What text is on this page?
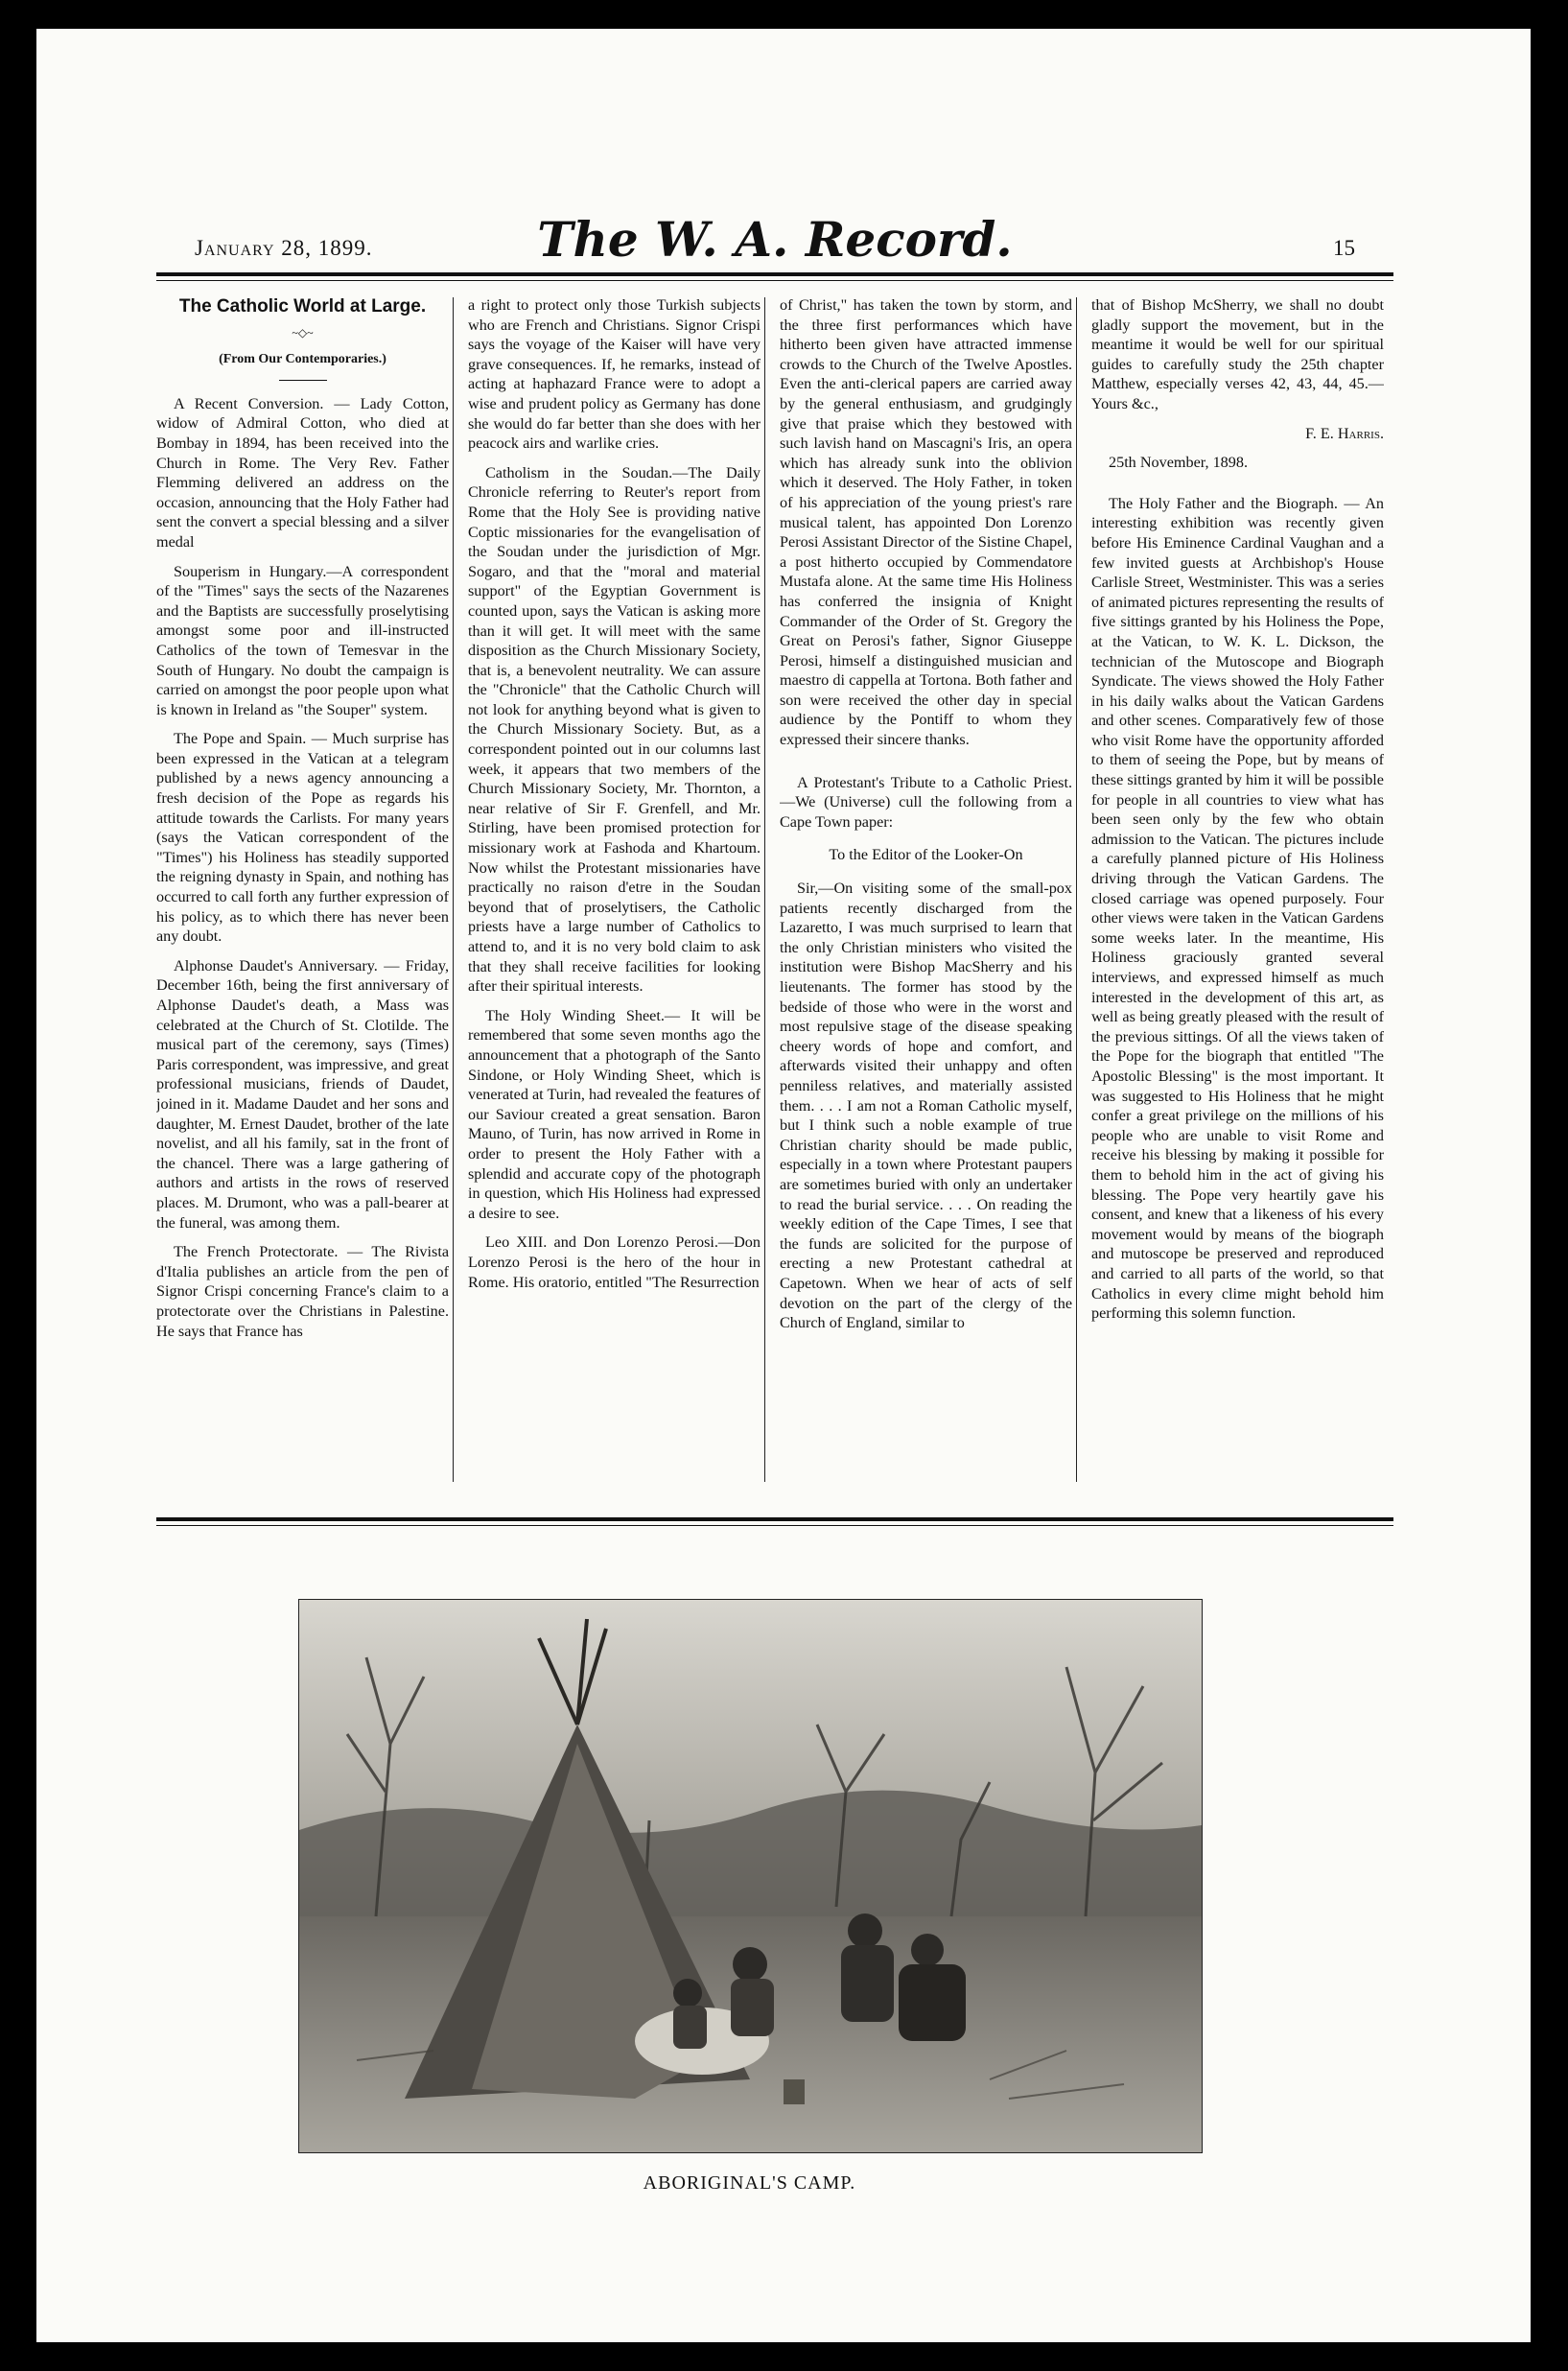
January 28, 1899.	The W. A. Record.	15
The Catholic World at Large.
~◇~
(From Our Contemporaries.)

A Recent Conversion. — Lady Cotton, widow of Admiral Cotton, who died at Bombay in 1894, has been received into the Church in Rome. The Very Rev. Father Flemming delivered an address on the occasion, announcing that the Holy Father had sent the convert a special blessing and a silver medal

Souperism in Hungary.—A correspondent of the "Times" says the sects of the Nazarenes and the Baptists are successfully proselytising amongst some poor and ill-instructed Catholics of the town of Temesvar in the South of Hungary. No doubt the campaign is carried on amongst the poor people upon what is known in Ireland as "the Souper" system.

The Pope and Spain. — Much surprise has been expressed in the Vatican at a telegram published by a news agency announcing a fresh decision of the Pope as regards his attitude towards the Carlists. For many years (says the Vatican correspondent of the "Times") his Holiness has steadily supported the reigning dynasty in Spain, and nothing has occurred to call forth any further expression of his policy, as to which there has never been any doubt.

Alphonse Daudet's Anniversary. — Friday, December 16th, being the first anniversary of Alphonse Daudet's death, a Mass was celebrated at the Church of St. Clotilde. The musical part of the ceremony, says (Times) Paris correspondent, was impressive, and great professional musicians, friends of Daudet, joined in it. Madame Daudet and her sons and daughter, M. Ernest Daudet, brother of the late novelist, and all his family, sat in the front of the chancel. There was a large gathering of authors and artists in the rows of reserved places. M. Drumont, who was a pall-bearer at the funeral, was among them.

The French Protectorate. — The Rivista d'Italia publishes an article from the pen of Signor Crispi concerning France's claim to a protectorate over the Christians in Palestine. He says that France has

a right to protect only those Turkish subjects who are French and Christians. Signor Crispi says the voyage of the Kaiser will have very grave consequences. If, he remarks, instead of acting at haphazard France were to adopt a wise and prudent policy as Germany has done she would do far better than she does with her peacock airs and warlike cries.

Catholism in the Soudan.—The Daily Chronicle referring to Reuter's report from Rome that the Holy See is providing native Coptic missionaries for the evangelisation of the Soudan under the jurisdiction of Mgr. Sogaro, and that the "moral and material support" of the Egyptian Government is counted upon, says the Vatican is asking more than it will get. It will meet with the same disposition as the Church Missionary Society, that is, a benevolent neutrality. We can assure the "Chronicle" that the Catholic Church will not look for anything beyond what is given to the Church Missionary Society. But, as a correspondent pointed out in our columns last week, it appears that two members of the Church Missionary Society, Mr. Thornton, a near relative of Sir F. Grenfell, and Mr. Stirling, have been promised protection for missionary work at Fashoda and Khartoum. Now whilst the Protestant missionaries have practically no raison d'etre in the Soudan beyond that of proselytisers, the Catholic priests have a large number of Catholics to attend to, and it is no very bold claim to ask that they shall receive facilities for looking after their spiritual interests.

The Holy Winding Sheet.— It will be remembered that some seven months ago the announcement that a photograph of the Santo Sindone, or Holy Winding Sheet, which is venerated at Turin, had revealed the features of our Saviour created a great sensation. Baron Mauno, of Turin, has now arrived in Rome in order to present the Holy Father with a splendid and accurate copy of the photograph in question, which His Holiness had expressed a desire to see.

Leo XIII. and Don Lorenzo Perosi.—Don Lorenzo Perosi is the hero of the hour in Rome. His oratorio, entitled "The Resurrection

of Christ," has taken the town by storm, and the three first performances which have hitherto been given have attracted immense crowds to the Church of the Twelve Apostles. Even the anti-clerical papers are carried away by the general enthusiasm, and grudgingly give that praise which they bestowed with such lavish hand on Mascagni's Iris, an opera which has already sunk into the oblivion which it deserved. The Holy Father, in token of his appreciation of the young priest's rare musical talent, has appointed Don Lorenzo Perosi Assistant Director of the Sistine Chapel, a post hitherto occupied by Commendatore Mustafa alone. At the same time His Holiness has conferred the insignia of Knight Commander of the Order of St. Gregory the Great on Perosi's father, Signor Giuseppe Perosi, himself a distinguished musician and maestro di cappella at Tortona. Both father and son were received the other day in special audience by the Pontiff to whom they expressed their sincere thanks.

A Protestant's Tribute to a Catholic Priest.—We (Universe) cull the following from a Cape Town paper:

To the Editor of the Looker-On

Sir,—On visiting some of the small-pox patients recently discharged from the Lazaretto, I was much surprised to learn that the only Christian ministers who visited the institution were Bishop MacSherry and his lieutenants. The former has stood by the bedside of those who were in the worst and most repulsive stage of the disease speaking cheery words of hope and comfort, and afterwards visited their unhappy and often penniless relatives, and materially assisted them. . . . I am not a Roman Catholic myself, but I think such a noble example of true Christian charity should be made public, especially in a town where Protestant paupers are sometimes buried with only an undertaker to read the burial service. . . . On reading the weekly edition of the Cape Times, I see that the funds are solicited for the purpose of erecting a new Protestant cathedral at Capetown. When we hear of acts of self devotion on the part of the clergy of the Church of England, similar to

that of Bishop McSherry, we shall no doubt gladly support the movement, but in the meantime it would be well for our spiritual guides to carefully study the 25th chapter Matthew, especially verses 42, 43, 44, 45.—Yours &c.,

F. E. Harris.

25th November, 1898.

The Holy Father and the Biograph. — An interesting exhibition was recently given before His Eminence Cardinal Vaughan and a few invited guests at Archbishop's House Carlisle Street, Westminister. This was a series of animated pictures representing the results of five sittings granted by his Holiness the Pope, at the Vatican, to W. K. L. Dickson, the technician of the Mutoscope and Biograph Syndicate. The views showed the Holy Father in his daily walks about the Vatican Gardens and other scenes. Comparatively few of those who visit Rome have the opportunity afforded to them of seeing the Pope, but by means of these sittings granted by him it will be possible for people in all countries to view what has been seen only by the few who obtain admission to the Vatican. The pictures include a carefully planned picture of His Holiness driving through the Vatican Gardens. The closed carriage was opened purposely. Four other views were taken in the Vatican Gardens some weeks later. In the meantime, His Holiness graciously granted several interviews, and expressed himself as much interested in the development of this art, as well as being greatly pleased with the result of the previous sittings. Of all the views taken of the Pope for the biograph that entitled "The Apostolic Blessing" is the most important. It was suggested to His Holiness that he might confer a great privilege on the millions of his people who are unable to visit Rome and receive his blessing by making it possible for them to behold him in the act of giving his blessing. The Pope very heartily gave his consent, and knew that a likeness of his every movement would by means of the biograph and mutoscope be preserved and reproduced and carried to all parts of the world, so that Catholics in every clime might behold him performing this solemn function.

ABORIGINAL'S CAMP.
